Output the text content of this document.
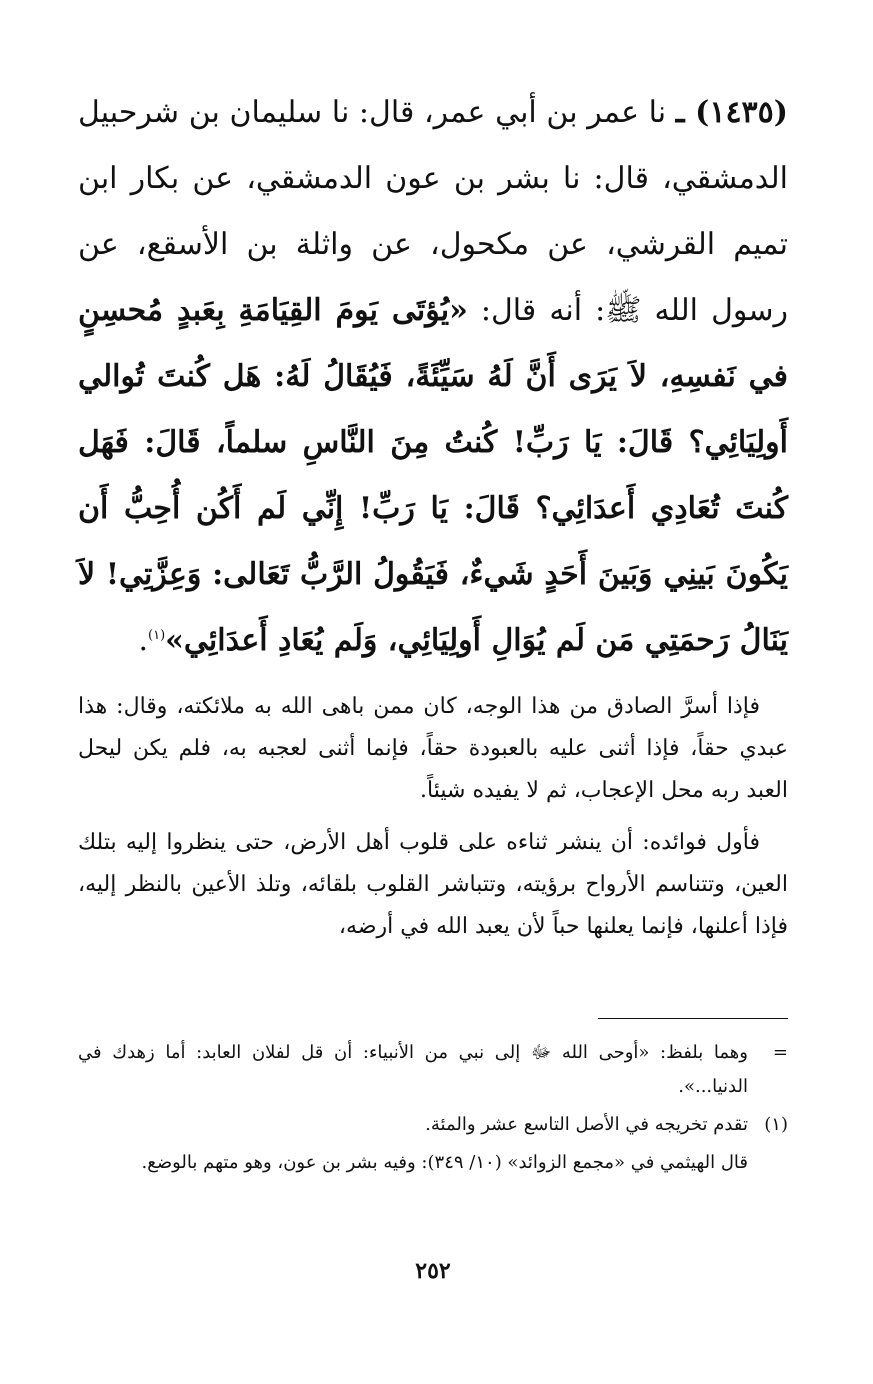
(١٤٣٥) ـ نا عمر بن أبي عمر، قال: نا سليمان بن شرحبيل الدمشقي، قال: نا بشر بن عون الدمشقي، عن بكار ابن تميم القرشي، عن مكحول، عن واثلة بن الأسقع، عن رسول الله ﷺ: أنه قال: «يُؤتَى يَومَ القِيَامَةِ بِعَبدٍ مُحسِنٍ في نَفسِهِ، لاَ يَرَى أَنَّ لَهُ سَيِّئَةً، فَيُقَالُ لَهُ: هَل كُنتَ تُوالي أَولِيَائِي؟ قَالَ: يَا رَبِّ! كُنتُ مِنَ النَّاسِ سلماً، قَالَ: فَهَل كُنتَ تُعَادِي أَعدَائِي؟ قَالَ: يَا رَبِّ! إِنِّي لَم أَكُن أُحِبُّ أَن يَكُونَ بَينِي وَبَينَ أَحَدٍ شَيءٌ، فَيَقُولُ الرَّبُّ تَعَالى: وَعِزَّتِي! لاَ يَنَالُ رَحمَتِي مَن لَم يُوَالِ أَولِيَائِي، وَلَم يُعَادِ أَعدَائِي»$^{(١)}$.

فإذا أسرَّ الصادق من هذا الوجه، كان ممن باهى الله به ملائكته، وقال: هذا عبدي حقاً، فإذا أثنى عليه بالعبودة حقاً، فإنما أثنى لعجبه به، فلم يكن ليحل العبد ربه محل الإعجاب، ثم لا يفيده شيئاً.

فأول فوائده: أن ينشر ثناءه على قلوب أهل الأرض، حتى ينظروا إليه بتلك العين، وتتناسم الأرواح برؤيته، وتتباشر القلوب بلقائه، وتلذ الأعين بالنظر إليه، فإذا أعلنها، فإنما يعلنها حباً لأن يعبد الله في أرضه،

=
وهما بلفظ: «أوحى الله ﷻ إلى نبي من الأنبياء: أن قل لفلان العابد: أما زهدك في الدنيا...».
(١)
تقدم تخريجه في الأصل التاسع عشر والمئة.
قال الهيثمي في «مجمع الزوائد» (١٠/ ٣٤٩): وفيه بشر بن عون، وهو متهم بالوضع.
٢٥٢
